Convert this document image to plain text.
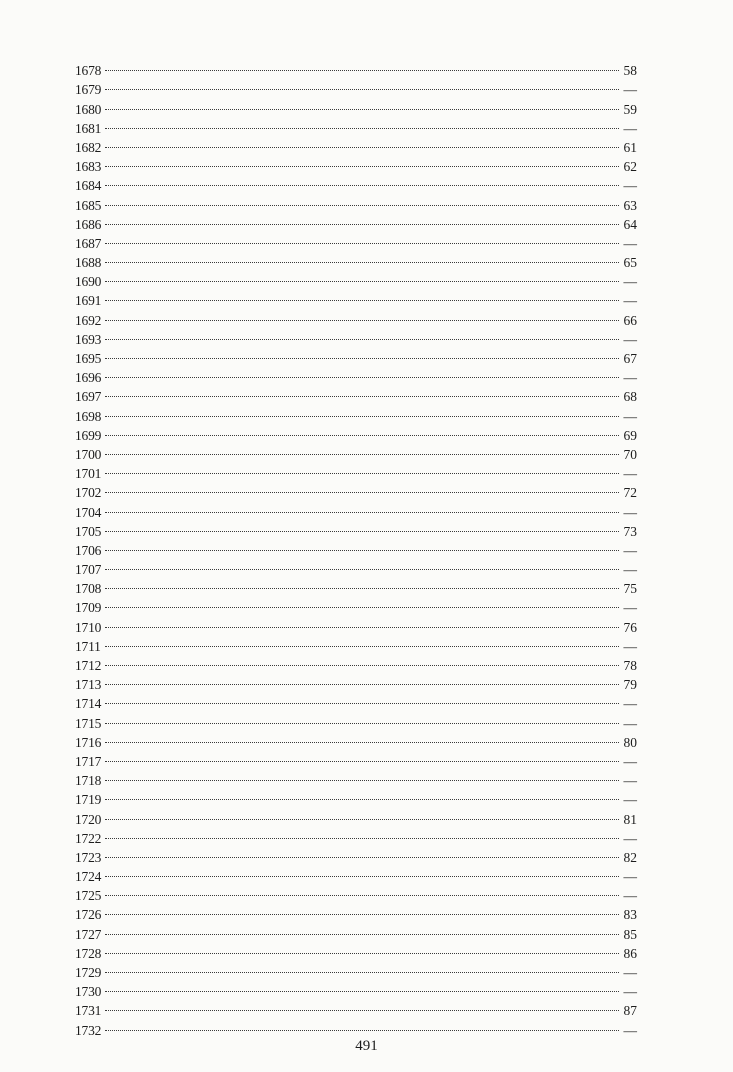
1678	58
1679	—
1680	59
1681	—
1682	61
1683	62
1684	—
1685	63
1686	64
1687	—
1688	65
1690	—
1691	—
1692	66
1693	—
1695	67
1696	—
1697	68
1698	—
1699	69
1700	70
1701	—
1702	72
1704	—
1705	73
1706	—
1707	—
1708	75
1709	—
1710	76
1711	—
1712	78
1713	79
1714	—
1715	—
1716	80
1717	—
1718	—
1719	—
1720	81
1722	—
1723	82
1724	—
1725	—
1726	83
1727	85
1728	86
1729	—
1730	—
1731	87
1732	—
491
